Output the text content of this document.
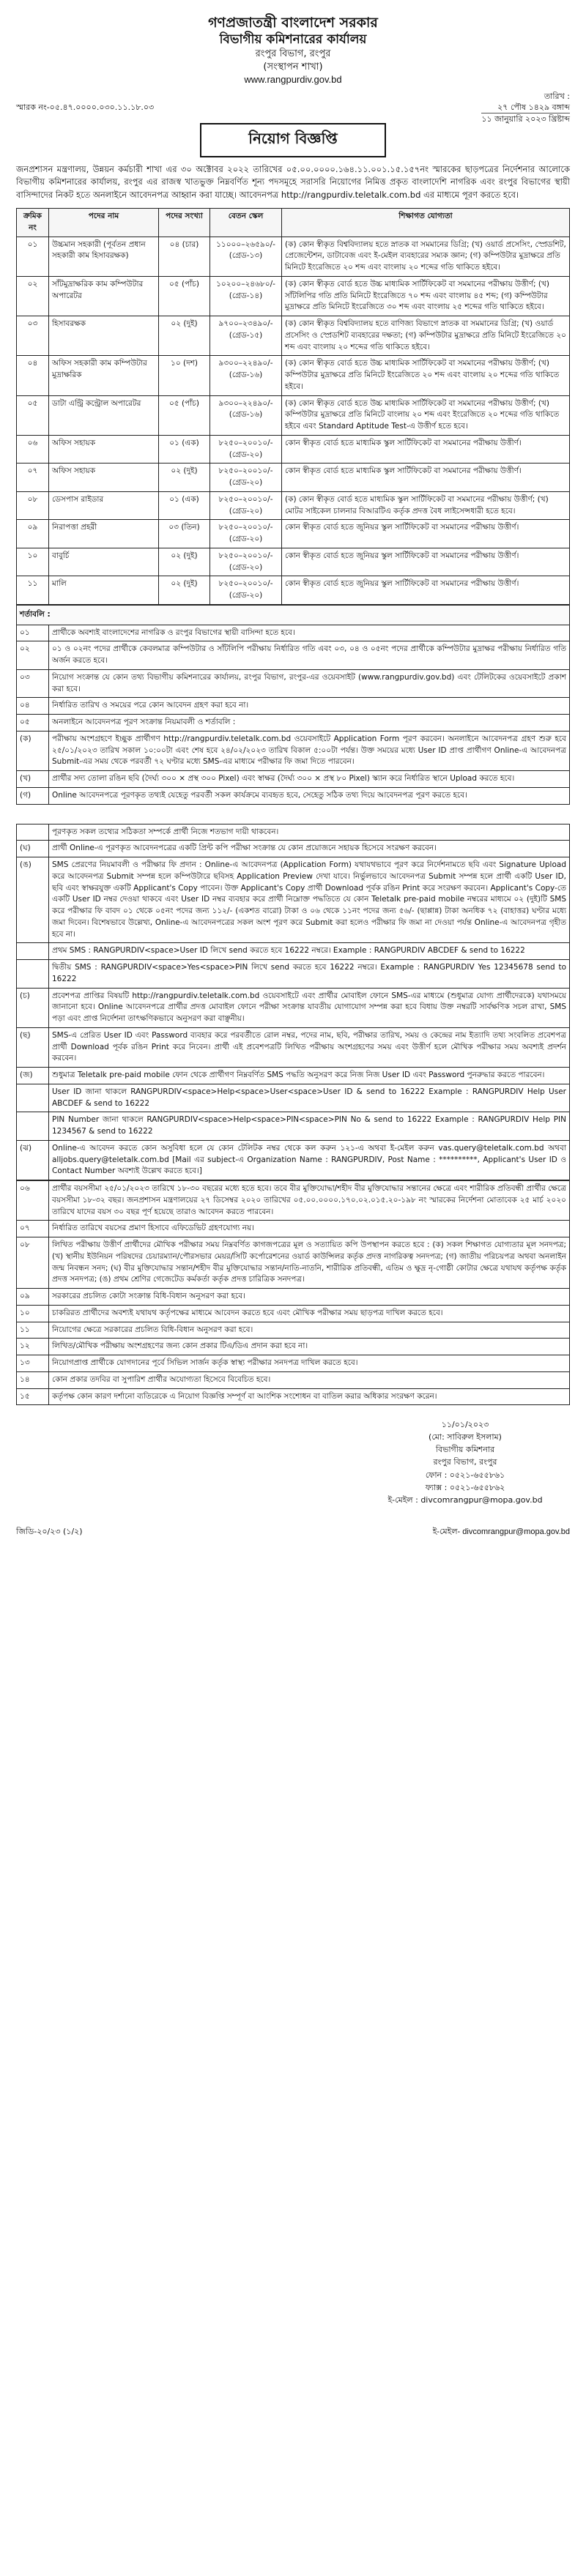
গণপ্রজাতন্ত্রী বাংলাদেশ সরকার
বিভাগীয় কমিশনারের কার্যালয়
রংপুর বিভাগ, রংপুর
(সংস্থাপন শাখা)
www.rangpurdiv.gov.bd
স্মারক নং-০৫.৪৭.০০০০.০৩০.১১.১৮.০৩
তারিখ :
২৭ পৌষ ১৪২৯ বঙ্গাব্দ
১১ জানুয়ারি ২০২৩ খ্রিষ্টাব্দ
নিয়োগ বিজ্ঞপ্তি

জনপ্রশাসন মন্ত্রণালয়, উন্নয়ন কর্মচারী শাখা এর ৩০ অক্টোবর ২০২২ তারিখের ০৫.০০.০০০০.১৬৪.১১.০০১.১৫.১৫৭নং স্মারকের ছাড়পত্রের নির্দেশনার আলোকে বিভাগীয় কমিশনারের কার্যালয়, রংপুর এর রাজস্ব খাতভুক্ত নিম্নবর্ণিত শূন্য পদসমূহে সরাসরি নিয়োগের নিমিত্ত প্রকৃত বাংলাদেশি নাগরিক এবং রংপুর বিভাগের স্থায়ী বাসিন্দাদের নিকট হতে অনলাইনে আবেদনপত্র আহ্বান করা যাচ্ছে। আবেদনপত্র http://rangpurdiv.teletalk.com.bd এর মাধ্যমে পূরণ করতে হবে।

ক্রমিক নং	পদের নাম	পদের সংখ্যা	বেতন স্কেল	শিক্ষাগত যোগ্যতা
০১	উচ্চমান সহকারী (পূর্বতন প্রধান সহকারী কাম হিসাবরক্ষক)	০৪ (চার)	১১০০০–২৬৫৯০/- (গ্রেড-১৩)	(ক) কোন স্বীকৃত বিশ্ববিদ্যালয় হতে স্নাতক বা সমমানের ডিগ্রি; (খ) ওয়ার্ড প্রসেসিং, স্প্রেডশিট, প্রেজেন্টেশন, ডাটাবেজ এবং ই-মেইল ব্যবহারের সম্যক জ্ঞান; (গ) কম্পিউটার মুদ্রাক্ষরে প্রতি মিনিটে ইংরেজিতে ২০ শব্দ এবং বাংলায় ২০ শব্দের গতি থাকিতে হইবে।
০২	সাঁটমুদ্রাক্ষরিক কাম কম্পিউটার অপারেটর	০৫ (পাঁচ)	১০২০০–২৪৬৮০/- (গ্রেড-১৪)	(ক) কোন স্বীকৃত বোর্ড হতে উচ্চ মাধ্যমিক সার্টিফিকেট বা সমমানের পরীক্ষায় উত্তীর্ণ; (খ) সাঁটলিপির গতি প্রতি মিনিটে ইংরেজিতে ৭০ শব্দ এবং বাংলায় ৪৫ শব্দ; (গ) কম্পিউটার মুদ্রাক্ষরে প্রতি মিনিটে ইংরেজিতে ৩০ শব্দ এবং বাংলায় ২৫ শব্দের গতি থাকিতে হইবে।
০৩	হিসাবরক্ষক	০২ (দুই)	৯৭০০–২৩৪৯০/- (গ্রেড-১৫)	(ক) কোন স্বীকৃত বিশ্ববিদ্যালয় হতে বাণিজ্য বিভাগে স্নাতক বা সমমানের ডিগ্রি; (খ) ওয়ার্ড প্রসেসিং ও স্প্রেডশিট ব্যবহারের দক্ষতা; (গ) কম্পিউটার মুদ্রাক্ষরে প্রতি মিনিটে ইংরেজিতে ২০ শব্দ এবং বাংলায় ২০ শব্দের গতি থাকিতে হইবে।
০৪	অফিস সহকারী কাম কম্পিউটার মুদ্রাক্ষরিক	১০ (দশ)	৯৩০০–২২৪৯০/- (গ্রেড-১৬)	(ক) কোন স্বীকৃত বোর্ড হতে উচ্চ মাধ্যমিক সার্টিফিকেট বা সমমানের পরীক্ষায় উত্তীর্ণ; (খ) কম্পিউটার মুদ্রাক্ষরে প্রতি মিনিটে ইংরেজিতে ২০ শব্দ এবং বাংলায় ২০ শব্দের গতি থাকিতে হইবে।
০৫	ডাটা এন্ট্রি কন্ট্রোল অপারেটর	০৫ (পাঁচ)	৯৩০০–২২৪৯০/- (গ্রেড-১৬)	(ক) কোন স্বীকৃত বোর্ড হতে উচ্চ মাধ্যমিক সার্টিফিকেট বা সমমানের পরীক্ষায় উত্তীর্ণ; (খ) কম্পিউটার মুদ্রাক্ষরে প্রতি মিনিটে বাংলায় ২০ শব্দ এবং ইংরেজিতে ২০ শব্দের গতি থাকিতে হইবে এবং Standard Aptitude Test-এ উত্তীর্ণ হতে হবে।
০৬	অফিস সহায়ক	০১ (এক)	৮২৫০–২০০১০/- (গ্রেড-২০)	কোন স্বীকৃত বোর্ড হতে মাধ্যমিক স্কুল সার্টিফিকেট বা সমমানের পরীক্ষায় উত্তীর্ণ।
০৭	অফিস সহায়ক	০২ (দুই)	৮২৫০–২০০১০/- (গ্রেড-২০)	কোন স্বীকৃত বোর্ড হতে মাধ্যমিক স্কুল সার্টিফিকেট বা সমমানের পরীক্ষায় উত্তীর্ণ।
০৮	ডেসপাস রাইডার	০১ (এক)	৮২৫০–২০০১০/- (গ্রেড-২০)	(ক) কোন স্বীকৃত বোর্ড হতে মাধ্যমিক স্কুল সার্টিফিকেট বা সমমানের পরীক্ষায় উত্তীর্ণ; (খ) মোটর সাইকেল চালনার বিআরটিএ কর্তৃক প্রদত্ত বৈধ লাইসেন্সধারী হতে হবে।
০৯	নিরাপত্তা প্রহরী	০৩ (তিন)	৮২৫০–২০০১০/- (গ্রেড-২০)	কোন স্বীকৃত বোর্ড হতে জুনিয়র স্কুল সার্টিফিকেট বা সমমানের পরীক্ষায় উত্তীর্ণ।
১০	বাবুর্চি	০২ (দুই)	৮২৫০–২০০১০/- (গ্রেড-২০)	কোন স্বীকৃত বোর্ড হতে জুনিয়র স্কুল সার্টিফিকেট বা সমমানের পরীক্ষায় উত্তীর্ণ।
১১	মালি	০২ (দুই)	৮২৫০–২০০১০/- (গ্রেড-২০)	কোন স্বীকৃত বোর্ড হতে জুনিয়র স্কুল সার্টিফিকেট বা সমমানের পরীক্ষায় উত্তীর্ণ।
শর্তাবলি :	
০১	প্রার্থীকে অবশ্যই বাংলাদেশের নাগরিক ও রংপুর বিভাগের স্থায়ী বাসিন্দা হতে হবে।
০২	০১ ও ০২নং পদের প্রার্থীকে কেবলমাত্র কম্পিউটার ও সাঁটলিপি পরীক্ষায় নির্ধারিত গতি এবং ০৩, ০৪ ও ০৫নং পদের প্রার্থীকে কম্পিউটার মুদ্রাক্ষর পরীক্ষায় নির্ধারিত গতি অর্জন করতে হবে।
০৩	নিয়োগ সংক্রান্ত যে কোন তথ্য বিভাগীয় কমিশনারের কার্যালয়, রংপুর বিভাগ, রংপুর-এর ওয়েবসাইট (www.rangpurdiv.gov.bd) এবং টেলিটকের ওয়েবসাইটে প্রকাশ করা হবে।
০৪	নির্ধারিত তারিখ ও সময়ের পরে কোন আবেদন গ্রহণ করা হবে না।
০৫	অনলাইনে আবেদনপত্র পূরণ সংক্রান্ত নিয়মাবলী ও শর্তাবলি :
(ক)	পরীক্ষায় অংশগ্রহণে ইচ্ছুক প্রার্থীগণ http://rangpurdiv.teletalk.com.bd ওয়েবসাইটে Application Form পূরণ করবেন। অনলাইনে আবেদনপত্র গ্রহণ শুরু হবে ২৫/০১/২০২৩ তারিখ সকাল ১০:০০টা এবং শেষ হবে ২৪/০২/২০২৩ তারিখ বিকাল ৫:০০টা পর্যন্ত। উক্ত সময়ের মধ্যে User ID প্রাপ্ত প্রার্থীগণ Online-এ আবেদনপত্র Submit-এর সময় থেকে পরবর্তী ৭২ ঘণ্টার মধ্যে SMS-এর মাধ্যমে পরীক্ষার ফি জমা দিতে পারবেন।
(খ)	প্রার্থীর সদ্য তোলা রঙিন ছবি (দৈর্ঘ্য ৩০০ × প্রস্থ ৩০০ Pixel) এবং স্বাক্ষর (দৈর্ঘ্য ৩০০ × প্রস্থ ৮০ Pixel) স্ক্যান করে নির্ধারিত স্থানে Upload করতে হবে।
(গ)	Online আবেদনপত্রে পূরণকৃত তথ্যই যেহেতু পরবর্তী সকল কার্যক্রমে ব্যবহৃত হবে, সেহেতু সঠিক তথ্য দিয়ে আবেদনপত্র পূরণ করতে হবে।
	পূরণকৃত সকল তথ্যের সঠিকতা সম্পর্কে প্রার্থী নিজে শতভাগ দায়ী থাকবেন।
(ঘ)	প্রার্থী Online-এ পূরণকৃত আবেদনপত্রের একটি প্রিন্ট কপি পরীক্ষা সংক্রান্ত যে কোন প্রয়োজনে সহায়ক হিসেবে সংরক্ষণ করবেন।
(ঙ)	SMS প্রেরণের নিয়মাবলী ও পরীক্ষার ফি প্রদান : Online-এ আবেদনপত্র (Application Form) যথাযথভাবে পূরণ করে নির্দেশনামতে ছবি এবং Signature Upload করে আবেদনপত্র Submit সম্পন্ন হলে কম্পিউটারে ছবিসহ Application Preview দেখা যাবে। নির্ভুলভাবে আবেদনপত্র Submit সম্পন্ন হলে প্রার্থী একটি User ID, ছবি এবং স্বাক্ষরযুক্ত একটি Applicant's Copy পাবেন। উক্ত Applicant's Copy প্রার্থী Download পূর্বক রঙিন Print করে সংরক্ষণ করবেন। Applicant's Copy-তে একটি User ID নম্বর দেওয়া থাকবে এবং User ID নম্বর ব্যবহার করে প্রার্থী নিম্নোক্ত পদ্ধতিতে যে কোন Teletalk pre-paid mobile নম্বরের মাধ্যমে ০২ (দুই)টি SMS করে পরীক্ষার ফি বাবদ ০১ থেকে ০৫নং পদের জন্য ১১২/- (একশত বারো) টাকা ও ০৬ থেকে ১১নং পদের জন্য ৫৬/- (ছাপ্পান্ন) টাকা অনধিক ৭২ (বাহাত্তর) ঘণ্টার মধ্যে জমা দিবেন। বিশেষভাবে উল্লেখ্য, Online-এ আবেদনপত্রের সকল অংশ পূরণ করে Submit করা হলেও পরীক্ষার ফি জমা না দেওয়া পর্যন্ত Online-এ আবেদনপত্র গৃহীত হবে না।
	প্রথম SMS : RANGPURDIV<space>User ID লিখে send করতে হবে 16222 নম্বরে। Example : RANGPURDIV ABCDEF & send to 16222
	দ্বিতীয় SMS : RANGPURDIV<space>Yes<space>PIN লিখে send করতে হবে 16222 নম্বরে। Example : RANGPURDIV Yes 12345678 send to 16222
(চ)	প্রবেশপত্র প্রাপ্তির বিষয়টি http://rangpurdiv.teletalk.com.bd ওয়েবসাইটে এবং প্রার্থীর মোবাইল ফোনে SMS-এর মাধ্যমে (শুধুমাত্র যোগ্য প্রার্থীদেরকে) যথাসময়ে জানানো হবে। Online আবেদনপত্রে প্রার্থীর প্রদত্ত মোবাইল ফোনে পরীক্ষা সংক্রান্ত যাবতীয় যোগাযোগ সম্পন্ন করা হবে বিধায় উক্ত নম্বরটি সার্বক্ষণিক সচল রাখা, SMS পড়া এবং প্রাপ্ত নির্দেশনা তাৎক্ষণিকভাবে অনুসরণ করা বাঞ্ছনীয়।
(ছ)	SMS-এ প্রেরিত User ID এবং Password ব্যবহার করে পরবর্তীতে রোল নম্বর, পদের নাম, ছবি, পরীক্ষার তারিখ, সময় ও কেন্দ্রের নাম ইত্যাদি তথ্য সংবলিত প্রবেশপত্র প্রার্থী Download পূর্বক রঙিন Print করে নিবেন। প্রার্থী এই প্রবেশপত্রটি লিখিত পরীক্ষায় অংশগ্রহণের সময় এবং উত্তীর্ণ হলে মৌখিক পরীক্ষার সময় অবশ্যই প্রদর্শন করবেন।
(জ)	শুধুমাত্র Teletalk pre-paid mobile ফোন থেকে প্রার্থীগণ নিম্নবর্ণিত SMS পদ্ধতি অনুসরণ করে নিজ নিজ User ID এবং Password পুনরুদ্ধার করতে পারবেন।
	User ID জানা থাকলে RANGPURDIV<space>Help<space>User<space>User ID & send to 16222 Example : RANGPURDIV Help User ABCDEF & send to 16222
	PIN Number জানা থাকলে RANGPURDIV<space>Help<space>PIN<space>PIN No & send to 16222 Example : RANGPURDIV Help PIN 1234567 & send to 16222
(ঝ)	Online-এ আবেদন করতে কোন অসুবিধা হলে যে কোন টেলিটক নম্বর থেকে কল করুন ১২১-এ অথবা ই-মেইল করুন vas.query@teletalk.com.bd অথবা alljobs.query@teletalk.com.bd [Mail এর subject-এ Organization Name : RANGPURDIV, Post Name : **********, Applicant's User ID ও Contact Number অবশ্যই উল্লেখ করতে হবে।]
০৬	প্রার্থীর বয়সসীমা ২৫/০১/২০২৩ তারিখে ১৮-৩০ বছরের মধ্যে হতে হবে। তবে বীর মুক্তিযোদ্ধা/শহীদ বীর মুক্তিযোদ্ধার সন্তানের ক্ষেত্রে এবং শারীরিক প্রতিবন্ধী প্রার্থীর ক্ষেত্রে বয়সসীমা ১৮-৩২ বছর। জনপ্রশাসন মন্ত্রণালয়ের ২৭ ডিসেম্বর ২০২০ তারিখের ০৫.০০.০০০০.১৭০.০২.০১৫.২০-১৯৮ নং স্মারকের নির্দেশনা মোতাবেক ২৫ মার্চ ২০২০ তারিখে যাদের বয়স ৩০ বছর পূর্ণ হয়েছে তারাও আবেদন করতে পারবেন।
০৭	নির্ধারিত তারিখে বয়সের প্রমাণ হিসাবে এফিডেভিট গ্রহণযোগ্য নয়।
০৮	লিখিত পরীক্ষায় উত্তীর্ণ প্রার্থীদের মৌখিক পরীক্ষার সময় নিম্নবর্ণিত কাগজপত্রের মূল ও সত্যায়িত কপি উপস্থাপন করতে হবে : (ক) সকল শিক্ষাগত যোগ্যতার মূল সনদপত্র; (খ) স্থানীয় ইউনিয়ন পরিষদের চেয়ারম্যান/পৌরসভার মেয়র/সিটি কর্পোরেশনের ওয়ার্ড কাউন্সিলর কর্তৃক প্রদত্ত নাগরিকত্ব সনদপত্র; (গ) জাতীয় পরিচয়পত্র অথবা অনলাইন জন্ম নিবন্ধন সনদ; (ঘ) বীর মুক্তিযোদ্ধার সন্তান/শহীদ বীর মুক্তিযোদ্ধার সন্তান/নাতি-নাতনি, শারীরিক প্রতিবন্ধী, এতিম ও ক্ষুদ্র নৃ-গোষ্ঠী কোটার ক্ষেত্রে যথাযথ কর্তৃপক্ষ কর্তৃক প্রদত্ত সনদপত্র; (ঙ) প্রথম শ্রেণির গেজেটেড কর্মকর্তা কর্তৃক প্রদত্ত চারিত্রিক সনদপত্র।
০৯	সরকারের প্রচলিত কোটা সংক্রান্ত বিধি-বিধান অনুসরণ করা হবে।
১০	চাকরিরত প্রার্থীদের অবশ্যই যথাযথ কর্তৃপক্ষের মাধ্যমে আবেদন করতে হবে এবং মৌখিক পরীক্ষার সময় ছাড়পত্র দাখিল করতে হবে।
১১	নিয়োগের ক্ষেত্রে সরকারের প্রচলিত বিধি-বিধান অনুসরণ করা হবে।
১২	লিখিত/মৌখিক পরীক্ষায় অংশগ্রহণের জন্য কোন প্রকার টিএ/ডিএ প্রদান করা হবে না।
১৩	নিয়োগপ্রাপ্ত প্রার্থীকে যোগদানের পূর্বে সিভিল সার্জন কর্তৃক স্বাস্থ্য পরীক্ষার সনদপত্র দাখিল করতে হবে।
১৪	কোন প্রকার তদবির বা সুপারিশ প্রার্থীর অযোগ্যতা হিসেবে বিবেচিত হবে।
১৫	কর্তৃপক্ষ কোন কারণ দর্শানো ব্যতিরেকে এ নিয়োগ বিজ্ঞপ্তি সম্পূর্ণ বা আংশিক সংশোধন বা বাতিল করার অধিকার সংরক্ষণ করেন।
১১/০১/২০২৩
(মো: সাবিরুল ইসলাম)
বিভাগীয় কমিশনার
রংপুর বিভাগ, রংপুর
ফোন : ০৫২১-৬৫৫৮৬১
ফ্যাক্স : ০৫২১-৬৫৫৮৬২
ই-মেইল : divcomrangpur@mopa.gov.bd
জিডি-২০/২৩ (১/২)	ই-মেইল- divcomrangpur@mopa.gov.bd
